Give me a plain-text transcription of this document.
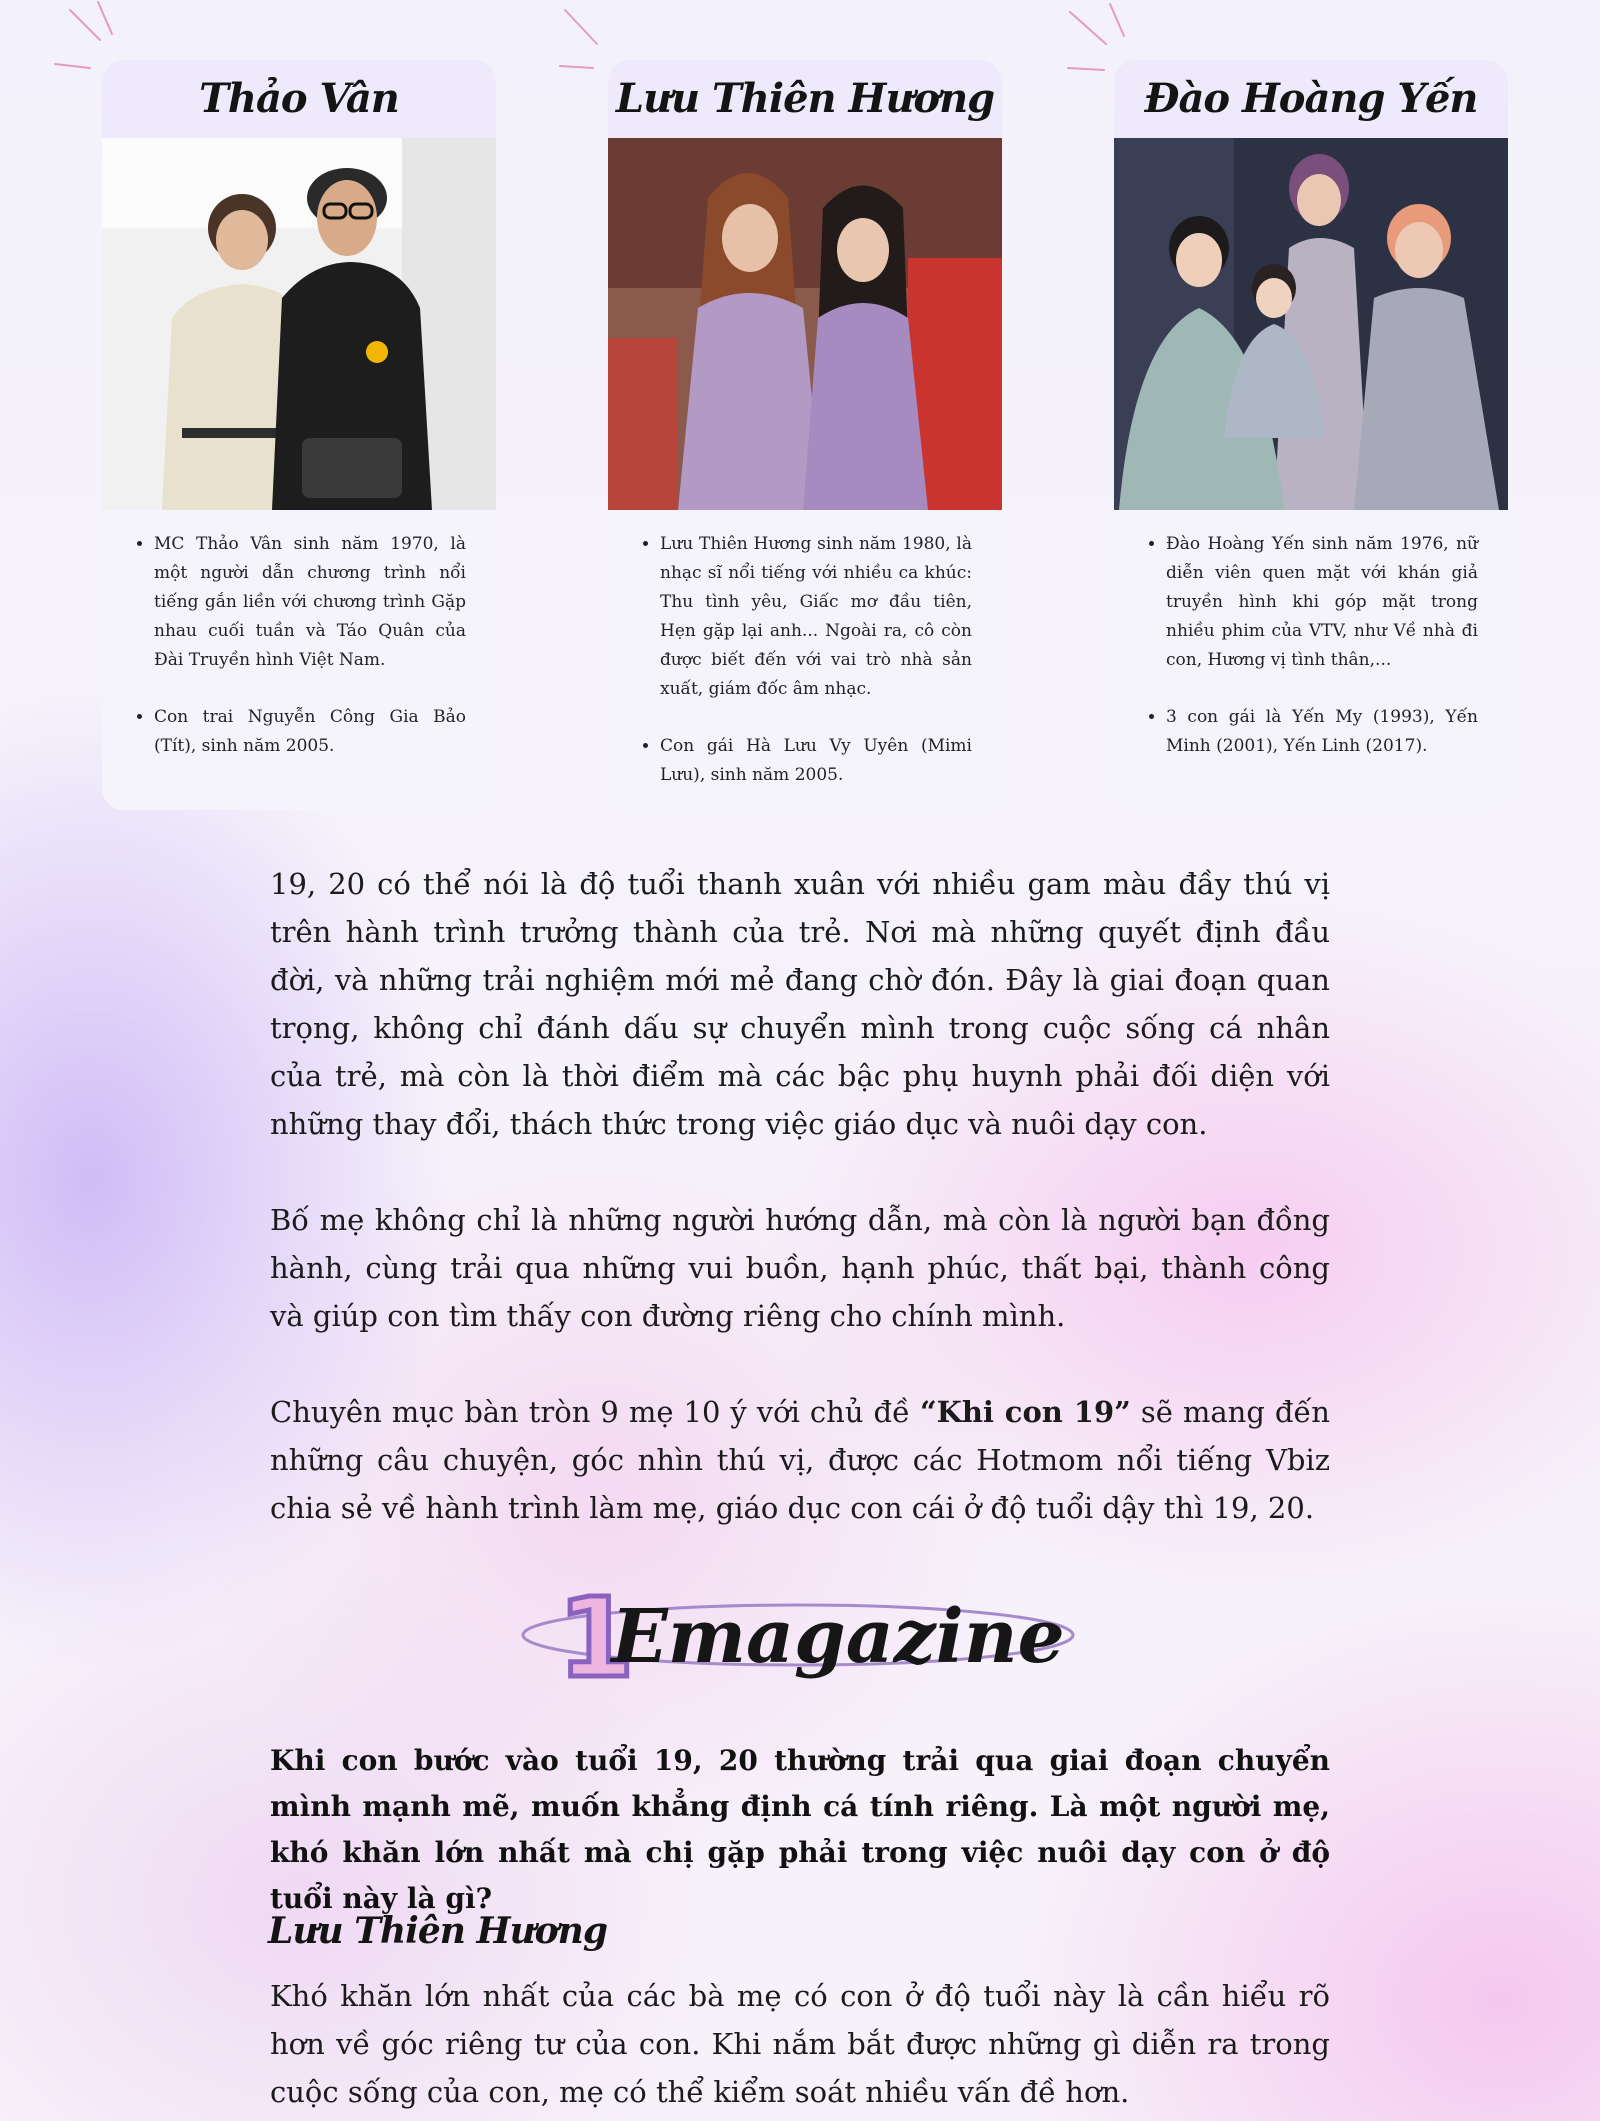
Thảo Vân
• MC Thảo Vân sinh năm 1970, là một người dẫn chương trình nổi tiếng gắn liền với chương trình Gặp nhau cuối tuần và Táo Quân của Đài Truyền hình Việt Nam.
• Con trai Nguyễn Công Gia Bảo (Tít), sinh năm 2005.
Lưu Thiên Hương
• Lưu Thiên Hương sinh năm 1980, là nhạc sĩ nổi tiếng với nhiều ca khúc: Thu tình yêu, Giấc mơ đầu tiên, Hẹn gặp lại anh... Ngoài ra, cô còn được biết đến với vai trò nhà sản xuất, giám đốc âm nhạc.
• Con gái Hà Lưu Vy Uyên (Mimi Lưu), sinh năm 2005.
Đào Hoàng Yến
• Đào Hoàng Yến sinh năm 1976, nữ diễn viên quen mặt với khán giả truyền hình khi góp mặt trong nhiều phim của VTV, như Về nhà đi con, Hương vị tình thân,...
• 3 con gái là Yến My (1993), Yến Minh (2001), Yến Linh (2017).

19, 20 có thể nói là độ tuổi thanh xuân với nhiều gam màu đầy thú vị trên hành trình trưởng thành của trẻ. Nơi mà những quyết định đầu đời, và những trải nghiệm mới mẻ đang chờ đón. Đây là giai đoạn quan trọng, không chỉ đánh dấu sự chuyển mình trong cuộc sống cá nhân của trẻ, mà còn là thời điểm mà các bậc phụ huynh phải đối diện với những thay đổi, thách thức trong việc giáo dục và nuôi dạy con.

Bố mẹ không chỉ là những người hướng dẫn, mà còn là người bạn đồng hành, cùng trải qua những vui buồn, hạnh phúc, thất bại, thành công và giúp con tìm thấy con đường riêng cho chính mình.

Chuyên mục bàn tròn 9 mẹ 10 ý với chủ đề “Khi con 19” sẽ mang đến những câu chuyện, góc nhìn thú vị, được các Hotmom nổi tiếng Vbiz chia sẻ về hành trình làm mẹ, giáo dục con cái ở độ tuổi dậy thì 19, 20.

1
Emagazine

Khi con bước vào tuổi 19, 20 thường trải qua giai đoạn chuyển mình mạnh mẽ, muốn khẳng định cá tính riêng. Là một người mẹ, khó khăn lớn nhất mà chị gặp phải trong việc nuôi dạy con ở độ tuổi này là gì?

Lưu Thiên Hương

Khó khăn lớn nhất của các bà mẹ có con ở độ tuổi này là cần hiểu rõ hơn về góc riêng tư của con. Khi nắm bắt được những gì diễn ra trong cuộc sống của con, mẹ có thể kiểm soát nhiều vấn đề hơn.
